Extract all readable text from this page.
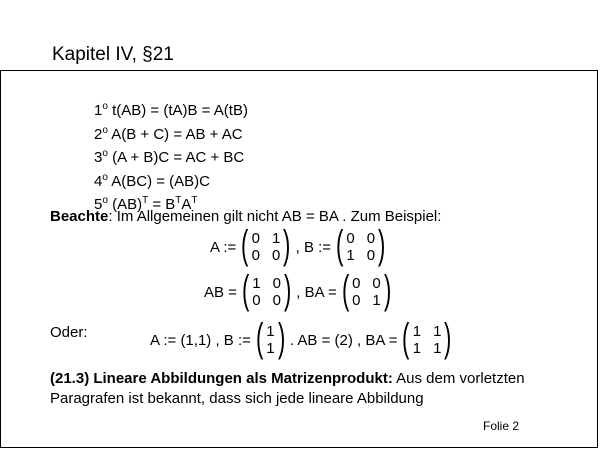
Kapitel IV, §21
1$^o$ t(AB) = (tA)B = A(tB)
2$^o$ A(B + C) = AB + AC
3$^o$ (A + B)C = AC + BC
4$^o$ A(BC) = (AB)C
5$^o$ $(AB)^T = B^TA^T$
Beachte: Im Allgemeinen gilt nicht AB = BA . Zum Beispiel:
A := ( 0 1
0 0 ) ,
B := ( 0 0
1 0 )
AB = ( 1 0
0 0 ) ,
BA = ( 0 0
0 1 )
Oder:	A := (1,1) ,
B := ( 1
1 ) . AB = (2) ,
BA = ( 1 1
1 1 )
(21.3) Lineare Abbildungen als Matrizenprodukt: Aus dem vorletzten Paragrafen ist bekannt, dass sich jede lineare Abbildung
Folie 2
